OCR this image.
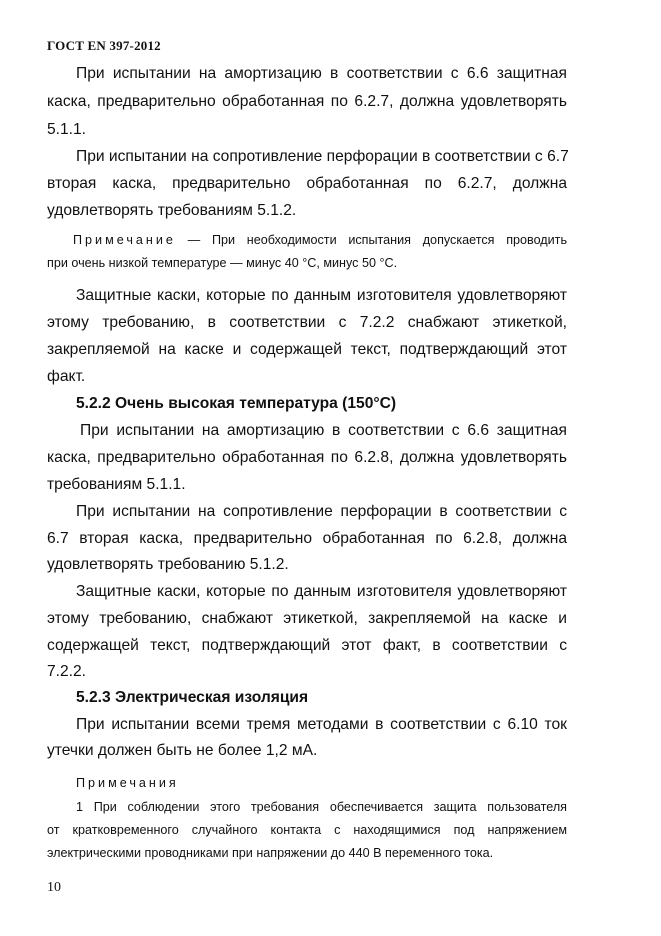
ГОСТ EN 397-2012
При испытании на амортизацию в соответствии с 6.6 защитная
каска, предварительно обработанная по 6.2.7, должна удовлетворять
5.1.1.
При испытании на сопротивление перфорации в соответствии с 6.7
вторая каска, предварительно обработанная по 6.2.7, должна
удовлетворять требованиям 5.1.2.
Примечание — При необходимости испытания допускается проводить
при очень низкой температуре — минус 40 °С, минус 50 °С.
Защитные каски, которые по данным изготовителя удовлетворяют
этому требованию, в соответствии с 7.2.2 снабжают этикеткой,
закрепляемой на каске и содержащей текст, подтверждающий этот
факт.
5.2.2 Очень высокая температура (150°С)
При испытании на амортизацию в соответствии с 6.6 защитная
каска, предварительно обработанная по 6.2.8, должна удовлетворять
требованиям 5.1.1.
При испытании на сопротивление перфорации в соответствии с
6.7 вторая каска, предварительно обработанная по 6.2.8, должна
удовлетворять требованию 5.1.2.
Защитные каски, которые по данным изготовителя удовлетворяют
этому требованию, снабжают этикеткой, закрепляемой на каске и
содержащей текст, подтверждающий этот факт, в соответствии с
7.2.2.
5.2.3 Электрическая изоляция
При испытании всеми тремя методами в соответствии с 6.10 ток
утечки должен быть не более 1,2 мА.
Примечания
1 При соблюдении этого требования обеспечивается защита пользователя
от кратковременного случайного контакта с находящимися под напряжением
электрическими проводниками при напряжении до 440 В переменного тока.
10
